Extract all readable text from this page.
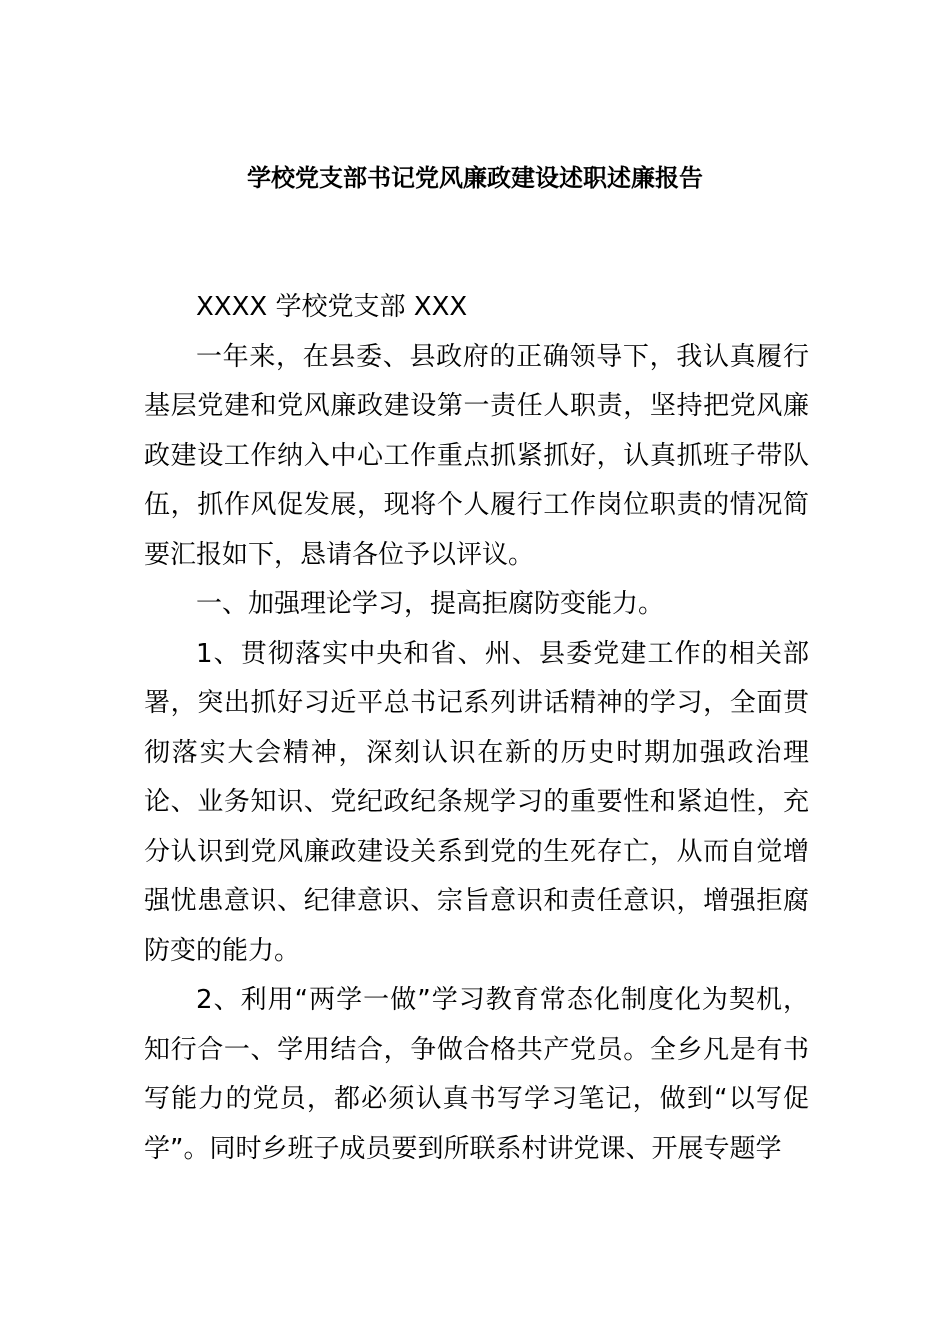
学校党支部书记党风廉政建设述职述廉报告

XXXX 学校党支部 XXX

一年来，在县委、县政府的正确领导下，我认真履行基层党建和党风廉政建设第一责任人职责，坚持把党风廉政建设工作纳入中心工作重点抓紧抓好，认真抓班子带队伍，抓作风促发展，现将个人履行工作岗位职责的情况简要汇报如下，恳请各位予以评议。

一、加强理论学习，提高拒腐防变能力。

1、贯彻落实中央和省、州、县委党建工作的相关部署，突出抓好习近平总书记系列讲话精神的学习，全面贯彻落实大会精神，深刻认识在新的历史时期加强政治理论、业务知识、党纪政纪条规学习的重要性和紧迫性，充分认识到党风廉政建设关系到党的生死存亡，从而自觉增强忧患意识、纪律意识、宗旨意识和责任意识，增强拒腐防变的能力。

2、利用“两学一做”学习教育常态化制度化为契机，知行合一、学用结合，争做合格共产党员。全乡凡是有书写能力的党员，都必须认真书写学习笔记，做到“以写促学”。同时乡班子成员要到所联系村讲党课、开展专题学
